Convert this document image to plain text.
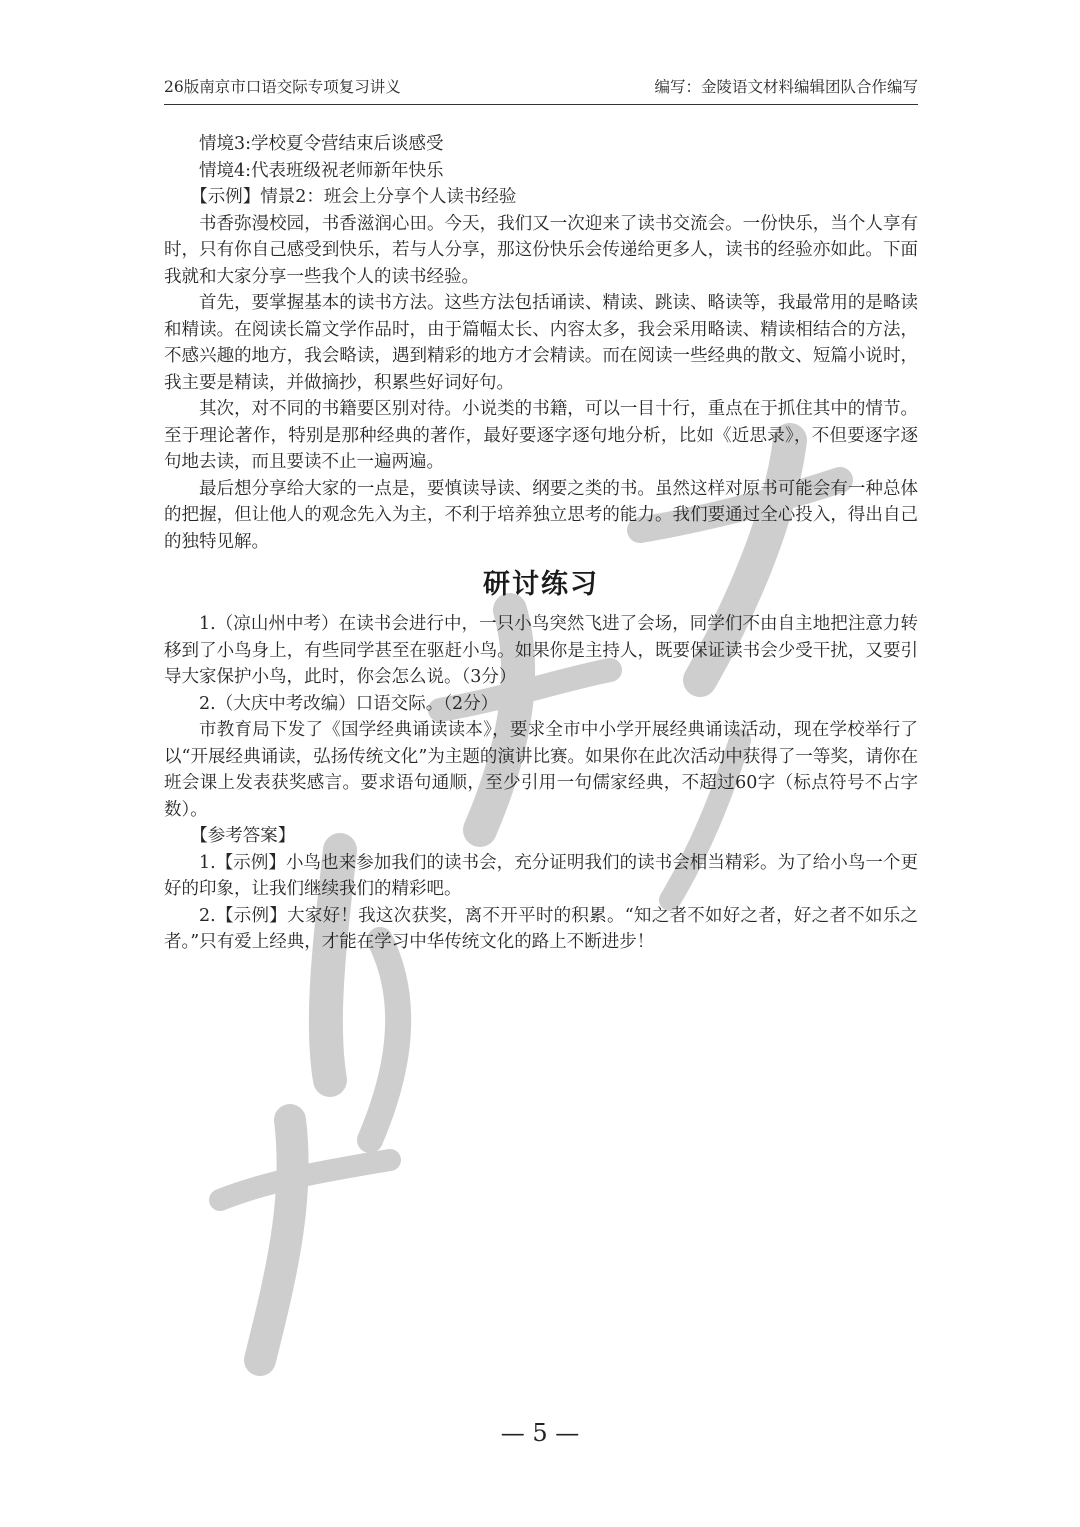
26版南京市口语交际专项复习讲义	编写：金陵语文材料编辑团队合作编写

情境3:学校夏令营结束后谈感受

情境4:代表班级祝老师新年快乐

【示例】情景2：班会上分享个人读书经验

书香弥漫校园，书香滋润心田。今天，我们又一次迎来了读书交流会。一份快乐，当个人享有时，只有你自己感受到快乐，若与人分享，那这份快乐会传递给更多人，读书的经验亦如此。下面我就和大家分享一些我个人的读书经验。

首先，要掌握基本的读书方法。这些方法包括诵读、精读、跳读、略读等，我最常用的是略读和精读。在阅读长篇文学作品时，由于篇幅太长、内容太多，我会采用略读、精读相结合的方法，不感兴趣的地方，我会略读，遇到精彩的地方才会精读。而在阅读一些经典的散文、短篇小说时，我主要是精读，并做摘抄，积累些好词好句。

其次，对不同的书籍要区别对待。小说类的书籍，可以一目十行，重点在于抓住其中的情节。至于理论著作，特别是那种经典的著作，最好要逐字逐句地分析，比如《近思录》，不但要逐字逐句地去读，而且要读不止一遍两遍。

最后想分享给大家的一点是，要慎读导读、纲要之类的书。虽然这样对原书可能会有一种总体的把握，但让他人的观念先入为主，不利于培养独立思考的能力。我们要通过全心投入，得出自己的独特见解。

研讨练习

1.（凉山州中考）在读书会进行中，一只小鸟突然飞进了会场，同学们不由自主地把注意力转移到了小鸟身上，有些同学甚至在驱赶小鸟。如果你是主持人，既要保证读书会少受干扰，又要引导大家保护小鸟，此时，你会怎么说。（3分）

2.（大庆中考改编）口语交际。（2分）

市教育局下发了《国学经典诵读读本》，要求全市中小学开展经典诵读活动，现在学校举行了以“开展经典诵读，弘扬传统文化”为主题的演讲比赛。如果你在此次活动中获得了一等奖，请你在班会课上发表获奖感言。要求语句通顺，至少引用一句儒家经典，不超过60字（标点符号不占字数）。

【参考答案】

1.【示例】小鸟也来参加我们的读书会，充分证明我们的读书会相当精彩。为了给小鸟一个更好的印象，让我们继续我们的精彩吧。

2.【示例】大家好！我这次获奖，离不开平时的积累。“知之者不如好之者，好之者不如乐之者。”只有爱上经典，才能在学习中华传统文化的路上不断进步！

— 5 —
